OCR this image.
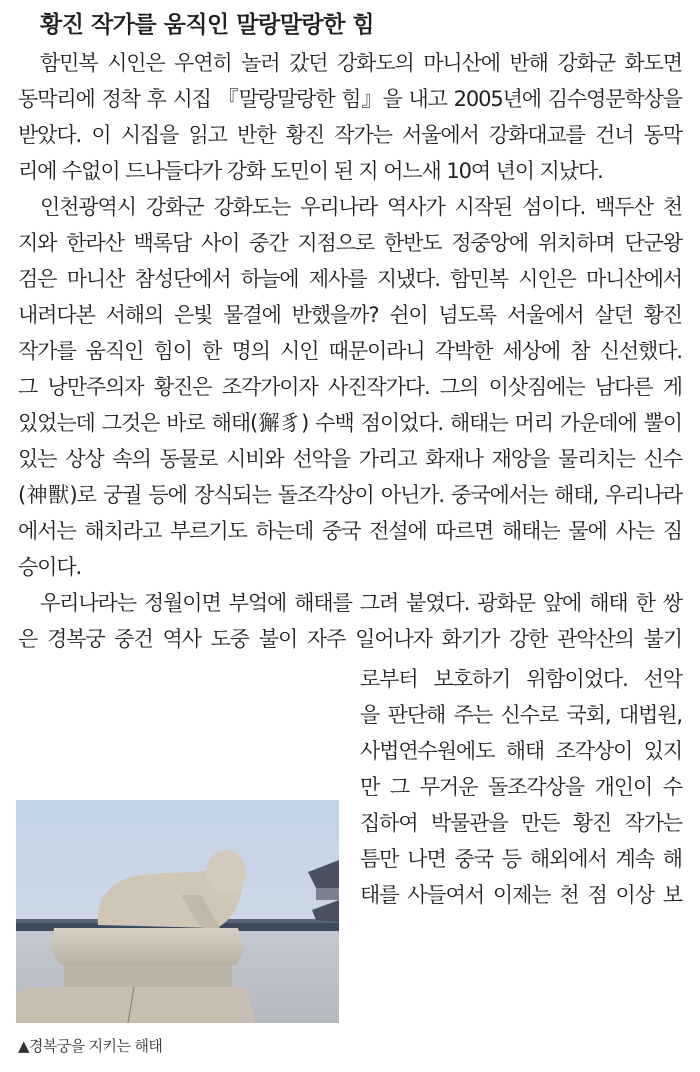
황진 작가를 움직인 말랑말랑한 힘
함민복 시인은 우연히 놀러 갔던 강화도의 마니산에 반해 강화군 화도면
동막리에 정착 후 시집 『말랑말랑한 힘』을 내고 2005년에 김수영문학상을
받았다. 이 시집을 읽고 반한 황진 작가는 서울에서 강화대교를 건너 동막
리에 수없이 드나들다가 강화 도민이 된 지 어느새 10여 년이 지났다.
인천광역시 강화군 강화도는 우리나라 역사가 시작된 섬이다. 백두산 천
지와 한라산 백록담 사이 중간 지점으로 한반도 정중앙에 위치하며 단군왕
검은 마니산 참성단에서 하늘에 제사를 지냈다. 함민복 시인은 마니산에서
내려다본 서해의 은빛 물결에 반했을까? 쉰이 넘도록 서울에서 살던 황진
작가를 움직인 힘이 한 명의 시인 때문이라니 각박한 세상에 참 신선했다.
그 낭만주의자 황진은 조각가이자 사진작가다. 그의 이삿짐에는 남다른 게
있었는데 그것은 바로 해태(獬豸) 수백 점이었다. 해태는 머리 가운데에 뿔이
있는 상상 속의 동물로 시비와 선악을 가리고 화재나 재앙을 물리치는 신수
(神獸)로 궁궐 등에 장식되는 돌조각상이 아닌가. 중국에서는 해태, 우리나라
에서는 해치라고 부르기도 하는데 중국 전설에 따르면 해태는 물에 사는 짐
승이다.
우리나라는 정월이면 부엌에 해태를 그려 붙였다. 광화문 앞에 해태 한 쌍
은 경복궁 중건 역사 도중 불이 자주 일어나자 화기가 강한 관악산의 불기
로부터 보호하기 위함이었다. 선악
을 판단해 주는 신수로 국회, 대법원,
사법연수원에도 해태 조각상이 있지
만 그 무거운 돌조각상을 개인이 수
집하여 박물관을 만든 황진 작가는
틈만 나면 중국 등 해외에서 계속 해
태를 사들여서 이제는 천 점 이상 보
▲경복궁을 지키는 해태
